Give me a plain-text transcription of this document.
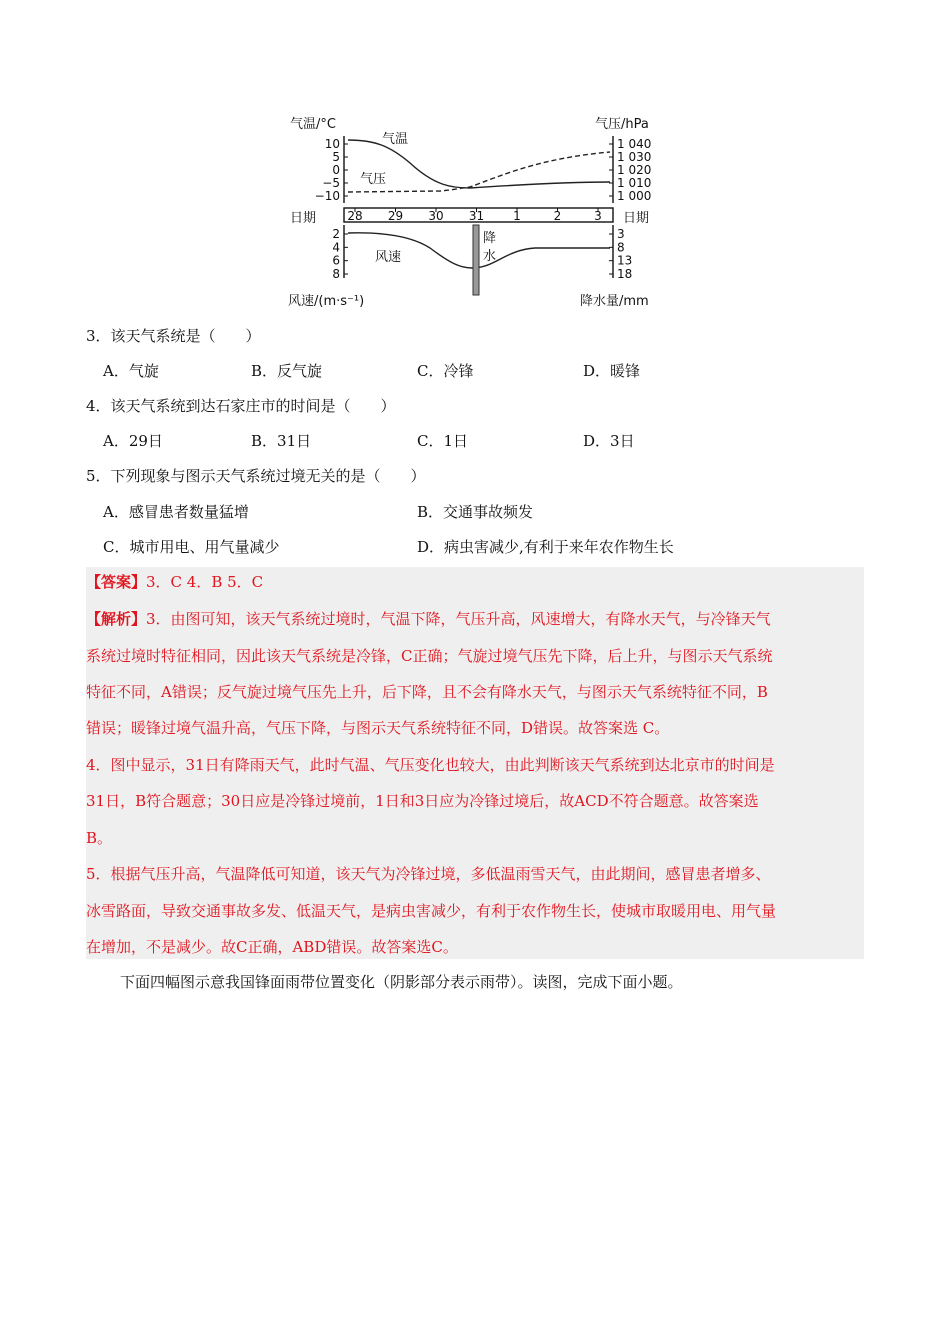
气温/°C	气压/hPa
风速/(m·s⁻¹)	降水量/mm
日期	日期
10
5
0
−5
−10
1 040
1 030
1 020
1 010
1 000
2
4
6
8
3
8
13
18
28 29 30 31 1	2	3
气温
气压
风速
降
水
3．该天气系统是（　　）
A．气旋	B．反气旋	C．冷锋	D．暖锋
4．该天气系统到达石家庄市的时间是（　　）
A．29日	B．31日	C．1日	D．3日
5．下列现象与图示天气系统过境无关的是（　　）
A．感冒患者数量猛增	B．交通事故频发
C．城市用电、用气量减少	D．病虫害减少,有利于来年农作物生长
【答案】3．C 4．B 5．C
【解析】3．由图可知，该天气系统过境时，气温下降，气压升高，风速增大，有降水天气，与冷锋天气
系统过境时特征相同，因此该天气系统是冷锋，C正确；气旋过境气压先下降，后上升，与图示天气系统
特征不同，A错误；反气旋过境气压先上升，后下降，且不会有降水天气，与图示天气系统特征不同，B
错误；暖锋过境气温升高，气压下降，与图示天气系统特征不同，D错误。故答案选 C。
4．图中显示，31日有降雨天气，此时气温、气压变化也较大，由此判断该天气系统到达北京市的时间是
31日，B符合题意；30日应是冷锋过境前，1日和3日应为冷锋过境后，故ACD不符合题意。故答案选
B。
5．根据气压升高，气温降低可知道，该天气为冷锋过境，多低温雨雪天气，由此期间，感冒患者增多、
冰雪路面，导致交通事故多发、低温天气，是病虫害减少，有利于农作物生长，使城市取暖用电、用气量
在增加，不是减少。故C正确，ABD错误。故答案选C。
下面四幅图示意我国锋面雨带位置变化（阴影部分表示雨带）。读图，完成下面小题。
